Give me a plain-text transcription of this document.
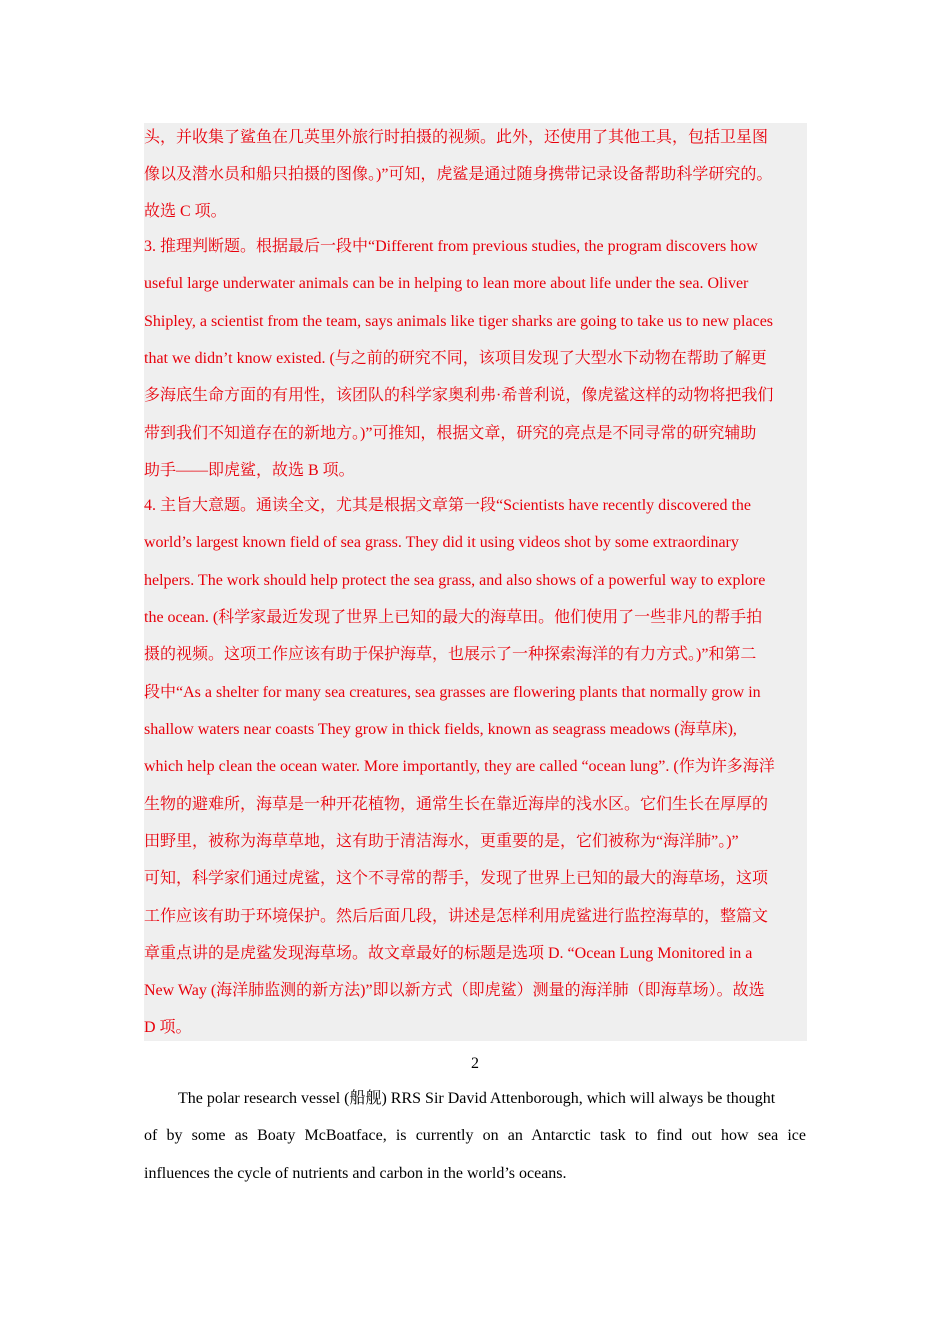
头，并收集了鲨鱼在几英里外旅行时拍摄的视频。此外，还使用了其他工具，包括卫星图
像以及潜水员和船只拍摄的图像。)”可知，虎鲨是通过随身携带记录设备帮助科学研究的。
故选 C 项。
3. 推理判断题。根据最后一段中“Different from previous studies, the program discovers how
useful large underwater animals can be in helping to lean more about life under the sea. Oliver
Shipley, a scientist from the team, says animals like tiger sharks are going to take us to new places
that we didn’t know existed. (与之前的研究不同，该项目发现了大型水下动物在帮助了解更
多海底生命方面的有用性，该团队的科学家奥利弗·希普利说，像虎鲨这样的动物将把我们
带到我们不知道存在的新地方。)”可推知，根据文章，研究的亮点是不同寻常的研究辅助
助手——即虎鲨，故选 B 项。
4. 主旨大意题。通读全文，尤其是根据文章第一段“Scientists have recently discovered the
world’s largest known field of sea grass. They did it using videos shot by some extraordinary
helpers. The work should help protect the sea grass, and also shows of a powerful way to explore
the ocean. (科学家最近发现了世界上已知的最大的海草田。他们使用了一些非凡的帮手拍
摄的视频。这项工作应该有助于保护海草，也展示了一种探索海洋的有力方式。)”和第二
段中“As a shelter for many sea creatures, sea grasses are flowering plants that normally grow in
shallow waters near coasts They grow in thick fields, known as seagrass meadows (海草床),
which help clean the ocean water. More importantly, they are called “ocean lung”. (作为许多海洋
生物的避难所，海草是一种开花植物，通常生长在靠近海岸的浅水区。它们生长在厚厚的
田野里，被称为海草草地，这有助于清洁海水，更重要的是，它们被称为“海洋肺”。)”
可知，科学家们通过虎鲨，这个不寻常的帮手，发现了世界上已知的最大的海草场，这项
工作应该有助于环境保护。然后后面几段，讲述是怎样利用虎鲨进行监控海草的，整篇文
章重点讲的是虎鲨发现海草场。故文章最好的标题是选项 D. “Ocean Lung Monitored in a
New Way (海洋肺监测的新方法)”即以新方式（即虎鲨）测量的海洋肺（即海草场）。故选
D 项。
2
The polar research vessel (船舰) RRS Sir David Attenborough, which will always be thought
of by some as Boaty McBoatface, is currently on an Antarctic task to find out how sea ice
influences the cycle of nutrients and carbon in the world’s oceans.
